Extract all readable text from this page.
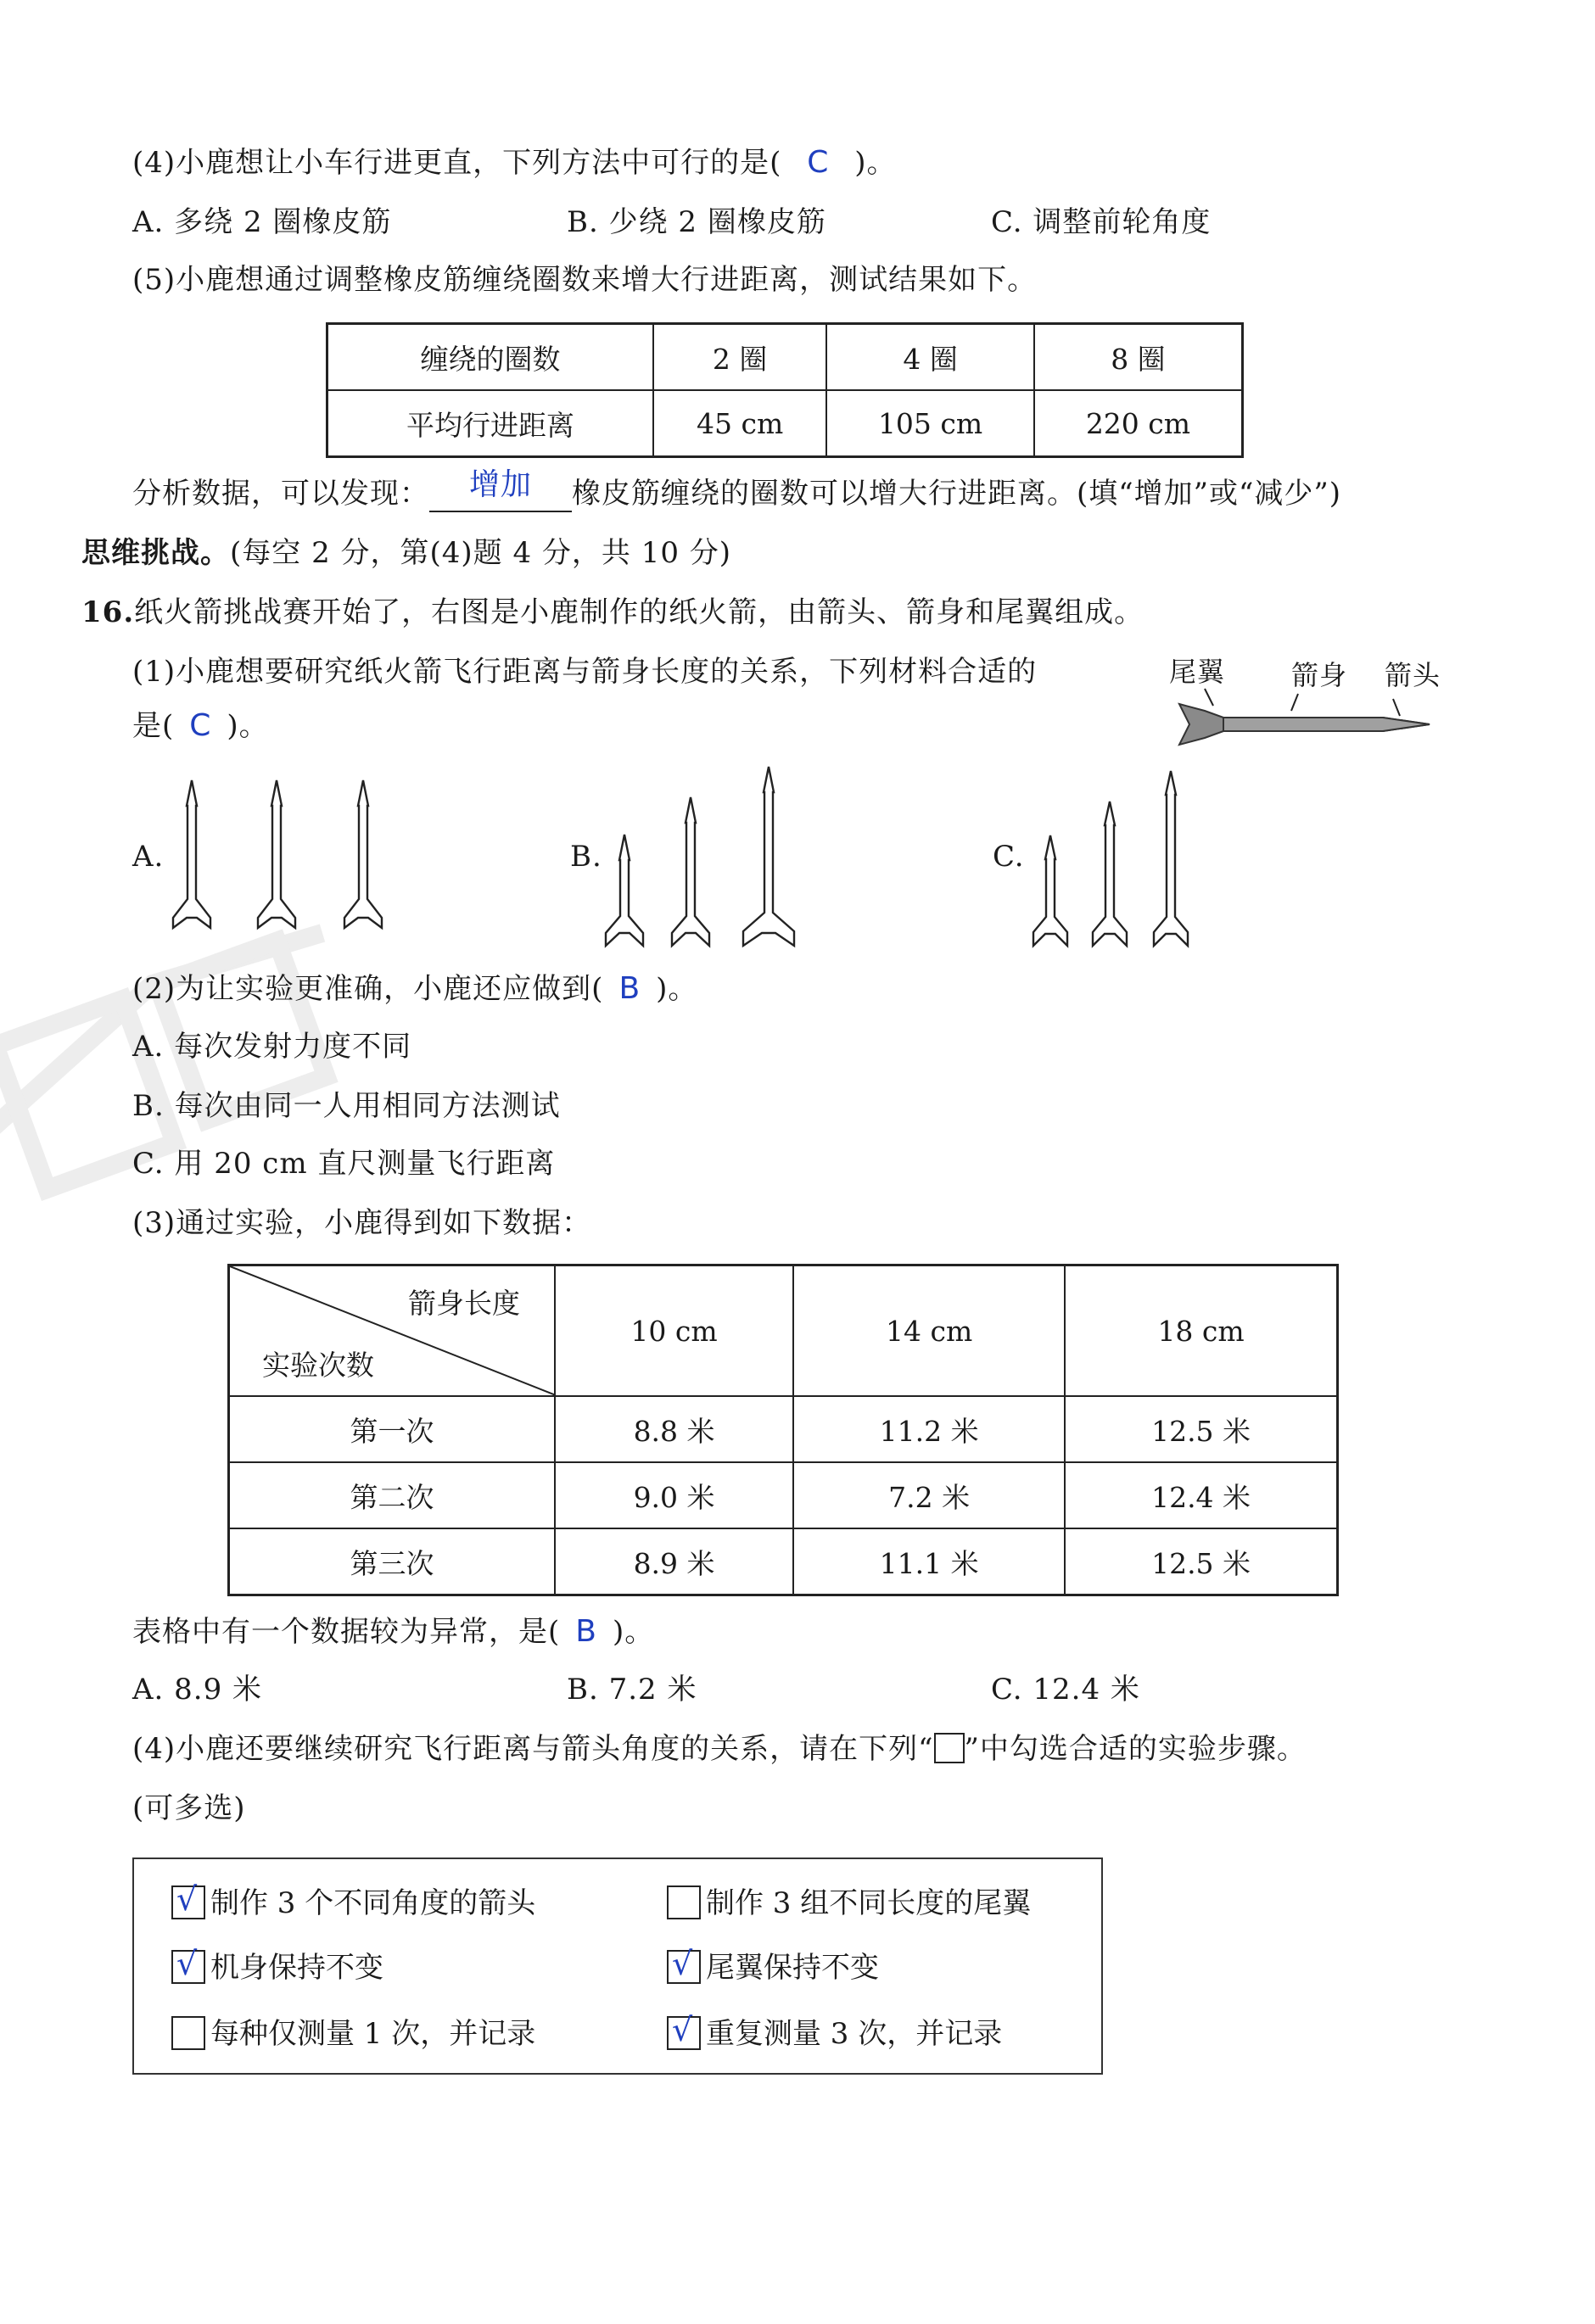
(4)小鹿想让小车行进更直，下列方法中可行的是( C )。
A. 多绕 2 圈橡皮筋	B. 少绕 2 圈橡皮筋	C. 调整前轮角度
(5)小鹿想通过调整橡皮筋缠绕圈数来增大行进距离，测试结果如下。
缠绕的圈数	2 圈	4 圈	8 圈
平均行进距离	45 cm	105 cm	220 cm
分析数据，可以发现： 增加 橡皮筋缠绕的圈数可以增大行进距离。(填“增加”或“减少”)
思维挑战。(每空 2 分，第(4)题 4 分，共 10 分)
16.纸火箭挑战赛开始了，右图是小鹿制作的纸火箭，由箭头、箭身和尾翼组成。
(1)小鹿想要研究纸火箭飞行距离与箭身长度的关系，下列材料合适的
是( C )。
尾翼 箭身 箭头
A.	B.	C.
(2)为让实验更准确，小鹿还应做到( B )。
A. 每次发射力度不同
B. 每次由同一人用相同方法测试
C. 用 20 cm 直尺测量飞行距离
(3)通过实验，小鹿得到如下数据：
箭身长度
实验次数	10 cm	14 cm	18 cm
第一次	8.8 米	11.2 米	12.5 米
第二次	9.0 米	7.2 米	12.4 米
第三次	8.9 米	11.1 米	12.5 米
表格中有一个数据较为异常，是( B )。
A. 8.9 米	B. 7.2 米	C. 12.4 米
(4)小鹿还要继续研究飞行距离与箭头角度的关系，请在下列“ ”中勾选合适的实验步骤。
(可多选)
√ 制作 3 个不同角度的箭头	制作 3 组不同长度的尾翼
√ 机身保持不变	√ 尾翼保持不变
每种仅测量 1 次，并记录	√ 重复测量 3 次，并记录
